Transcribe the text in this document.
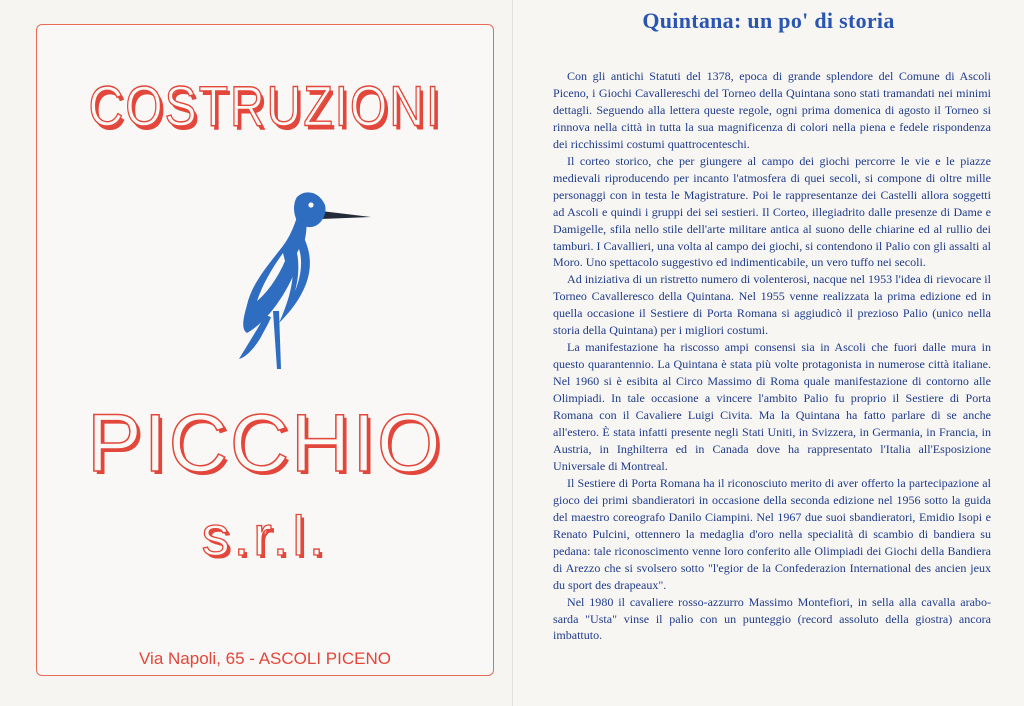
COSTRUZIONI
PICCHIO
s.r.l.
Via Napoli, 65 - ASCOLI PICENO
Quintana: un po' di storia

Con gli antichi Statuti del 1378, epoca di grande splendore del Comune di Ascoli Piceno, i Giochi Cavallereschi del Torneo della Quintana sono stati tramandati nei minimi dettagli. Seguendo alla lettera queste regole, ogni prima domenica di agosto il Torneo si rinnova nella città in tutta la sua magnificenza di colori nella piena e fedele rispondenza dei ricchissimi costumi quattrocenteschi.

Il corteo storico, che per giungere al campo dei giochi percorre le vie e le piazze medievali riproducendo per incanto l'atmosfera di quei secoli, si compone di oltre mille personaggi con in testa le Magistrature. Poi le rappresentanze dei Castelli allora soggetti ad Ascoli e quindi i gruppi dei sei sestieri. Il Corteo, illegiadrito dalle presenze di Dame e Damigelle, sfila nello stile dell'arte militare antica al suono delle chiarine ed al rullio dei tamburi. I Cavallieri, una volta al campo dei giochi, si contendono il Palio con gli assalti al Moro. Uno spettacolo suggestivo ed indimenticabile, un vero tuffo nei secoli.

Ad iniziativa di un ristretto numero di volenterosi, nacque nel 1953 l'idea di rievocare il Torneo Cavalleresco della Quintana. Nel 1955 venne realizzata la prima edizione ed in quella occasione il Sestiere di Porta Romana si aggiudicò il prezioso Palio (unico nella storia della Quintana) per i migliori costumi.

La manifestazione ha riscosso ampi consensi sia in Ascoli che fuori dalle mura in questo quarantennio. La Quintana è stata più volte protagonista in numerose città italiane. Nel 1960 si è esibita al Circo Massimo di Roma quale manifestazione di contorno alle Olimpiadi. In tale occasione a vincere l'ambito Palio fu proprio il Sestiere di Porta Romana con il Cavaliere Luigi Civita. Ma la Quintana ha fatto parlare di se anche all'estero. È stata infatti presente negli Stati Uniti, in Svizzera, in Germania, in Francia, in Austria, in Inghilterra ed in Canada dove ha rappresentato l'Italia all'Esposizione Universale di Montreal.

Il Sestiere di Porta Romana ha il riconosciuto merito di aver offerto la partecipazione al gioco dei primi sbandieratori in occasione della seconda edizione nel 1956 sotto la guida del maestro coreografo Danilo Ciampini. Nel 1967 due suoi sbandieratori, Emidio Isopi e Renato Pulcini, ottennero la medaglia d'oro nella specialità di scambio di bandiera su pedana: tale riconoscimento venne loro conferito alle Olimpiadi dei Giochi della Bandiera di Arezzo che si svolsero sotto "l'egior de la Confederazion International des ancien jeux du sport des drapeaux".

Nel 1980 il cavaliere rosso-azzurro Massimo Montefiori, in sella alla cavalla arabo-sarda "Usta" vinse il palio con un punteggio (record assoluto della giostra) ancora imbattuto.
